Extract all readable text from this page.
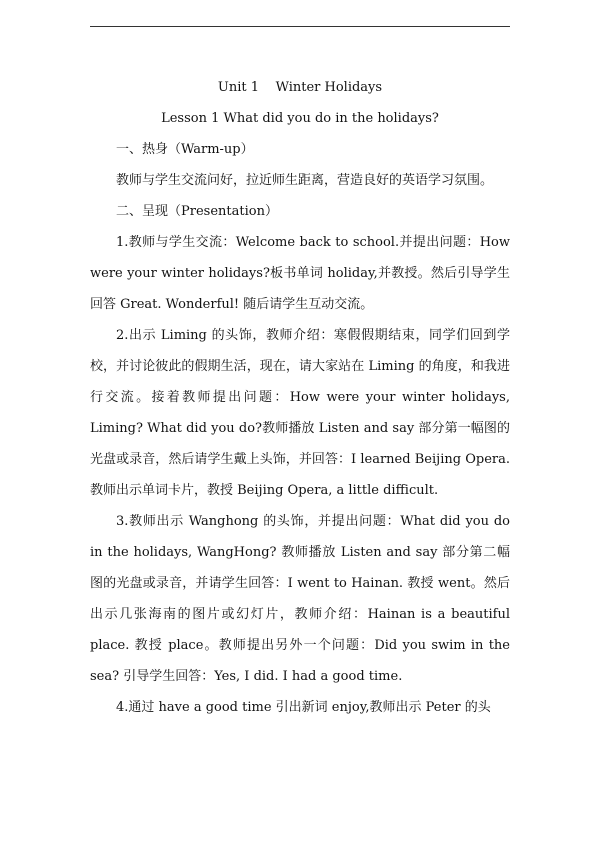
Unit 1    Winter Holidays

Lesson 1 What did you do in the holidays?

一、热身（Warm-up）

教师与学生交流问好，拉近师生距离，营造良好的英语学习氛围。

二、呈现（Presentation）

1.教师与学生交流：Welcome back to school.并提出问题：How were your winter holidays?板书单词 holiday,并教授。然后引导学生回答 Great. Wonderful! 随后请学生互动交流。

2.出示 Liming 的头饰，教师介绍：寒假假期结束，同学们回到学校，并讨论彼此的假期生活，现在，请大家站在 Liming 的角度，和我进行交流。接着教师提出问题：How were your winter holidays, Liming? What did you do?教师播放 Listen and say 部分第一幅图的光盘或录音，然后请学生戴上头饰，并回答：I learned Beijing Opera. 教师出示单词卡片，教授 Beijing Opera, a little difficult.

3.教师出示 Wanghong 的头饰，并提出问题：What did you do in the holidays, WangHong? 教师播放 Listen and say 部分第二幅图的光盘或录音，并请学生回答：I went to Hainan. 教授 went。然后出示几张海南的图片或幻灯片，教师介绍：Hainan is a beautiful place. 教授 place。教师提出另外一个问题：Did you swim in the sea? 引导学生回答：Yes, I did. I had a good time.

4.通过 have a good time 引出新词 enjoy,教师出示 Peter 的头
